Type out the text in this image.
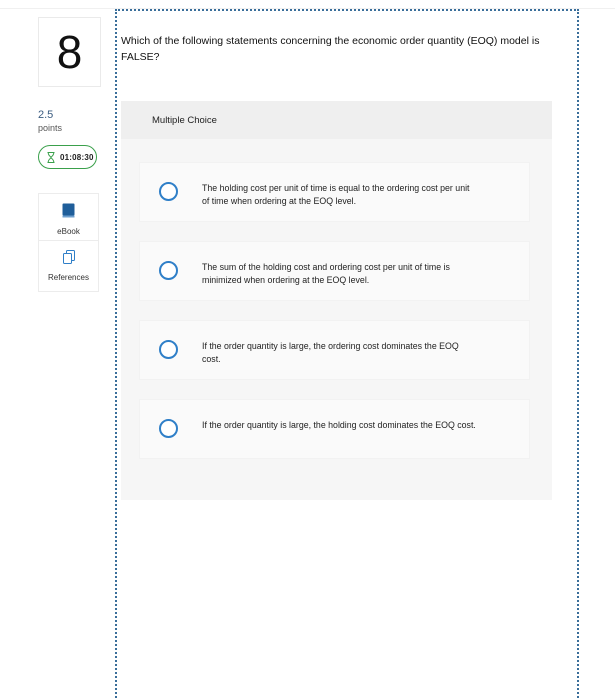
8
2.5
points
01:08:30
eBook
References
Which of the following statements concerning the economic order quantity (EOQ) model is FALSE?
Multiple Choice
The holding cost per unit of time is equal to the ordering cost per unit of time when ordering at the EOQ level.
The sum of the holding cost and ordering cost per unit of time is minimized when ordering at the EOQ level.
If the order quantity is large, the ordering cost dominates the EOQ cost.
If the order quantity is large, the holding cost dominates the EOQ cost.
